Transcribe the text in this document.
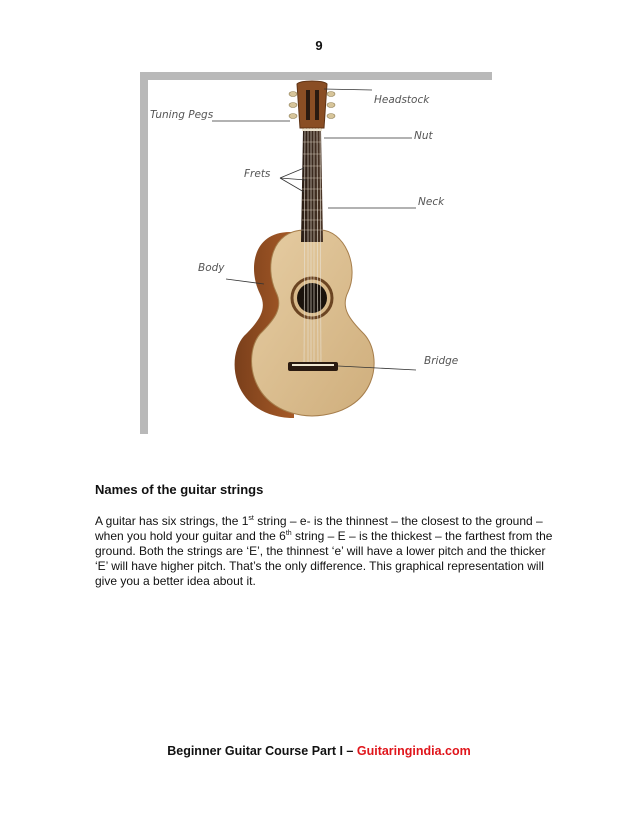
9
Headstock
Tuning Pegs
Nut
Frets
Neck
Body
Bridge
Names of the guitar strings

A guitar has six strings, the 1st string – e- is the thinnest – the closest to the ground – when you hold your guitar and the 6th string – E – is the thickest – the farthest from the ground. Both the strings are ‘E’, the thinnest ‘e’ will have a lower pitch and the thicker ‘E’ will have higher pitch. That’s the only difference. This graphical representation will give you a better idea about it.

Beginner Guitar Course Part I – Guitaringindia.com
